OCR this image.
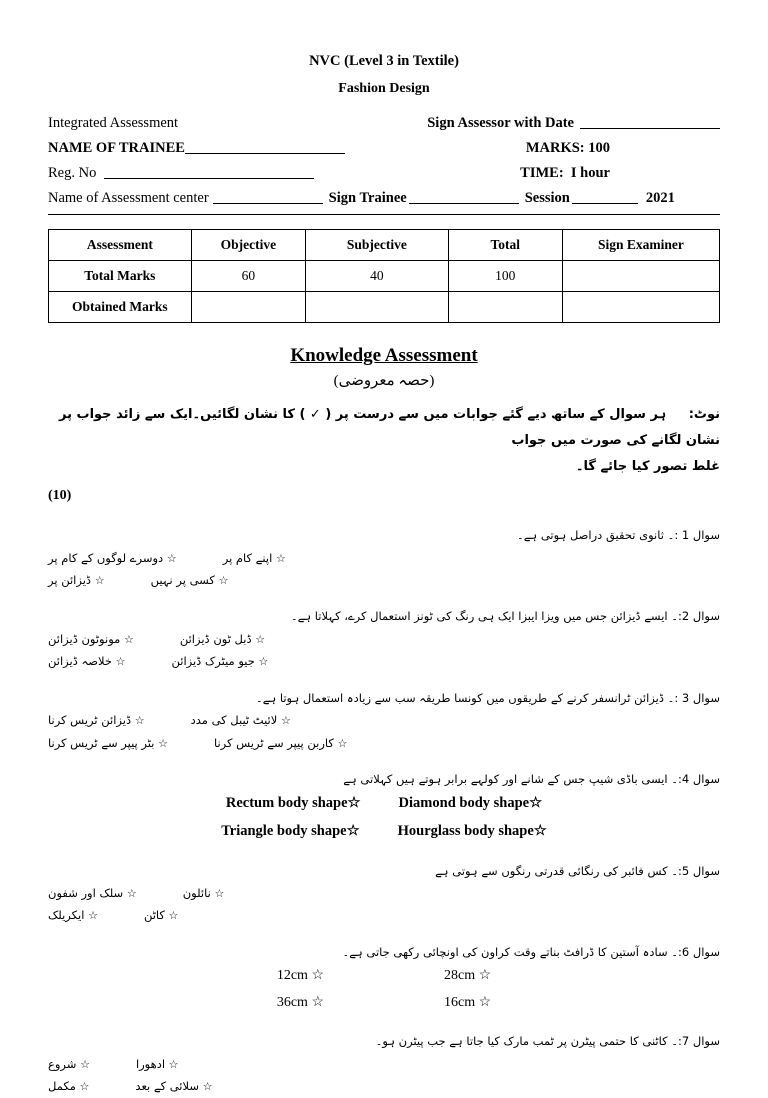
NVC (Level 3 in Textile)
Fashion Design
Integrated Assessment	Sign Assessor with Date
NAME OF TRAINEE	MARKS: 100
Reg. No	TIME:  I hour
Name of Assessment center	Sign Trainee	Session	2021
Assessment	Objective	Subjective	Total	Sign Examiner
Total Marks	60	40	100	
Obtained Marks				
Knowledge Assessment
(حصہ معروضی)
نوٹ: ہر سوال کے ساتھ دیے گئے جوابات میں سے درست پر ( ✓ ) کا نشان لگائیں۔ایک سے زائد جواب پر نشان لگانے کی صورت میں جواب
غلط تصور کیا جائے گا۔
(10)
سوال 1 :۔ ثانوی تحقیق دراصل ہوتی ہے۔
☆ اپنے کام پر
☆ دوسرے لوگوں کے کام پر
☆ کسی پر نہیں
☆ ڈیزائن پر
سوال 2:۔ ایسے ڈیزائن جس میں ویزا ایبزا ایک ہی رنگ کی ٹونز استعمال کرے، کہلاتا ہے۔
☆ ڈبل ٹون ڈیزائن
☆ مونوٹون ڈیزائن
☆ جیو میٹرک ڈیزائن
☆ خلاصہ ڈیزائن
سوال 3 :۔ ڈیزائن ٹرانسفر کرنے کے طریقوں میں کونسا طریقہ سب سے زیادہ استعمال ہوتا ہے۔
☆ لائیٹ ٹیبل کی مدد
☆ ڈیزائن ٹریس کرنا
☆ کاربن پیپر سے ٹریس کرنا
☆ بٹر پیپر سے ٹریس کرنا
سوال 4:۔ ایسی باڈی شیپ جس کے شانے اور کولہے برابر ہوتے ہیں کہلاتی ہے
Rectum body shape☆	Diamond body shape☆
Triangle body shape☆	Hourglass body shape☆
سوال 5:۔ کس فائبر کی رنگائی قدرتی رنگوں سے ہوتی ہے
☆ نائلون
☆ سلک اور شفون
☆ کاٹن
☆ ایکریلک
سوال 6:۔ سادہ آستین کا ڈرافٹ بناتے وقت کراون کی اونچائی رکھی جاتی ہے۔
12cm ☆	28cm ☆
36cm ☆	16cm ☆
سوال 7:۔ کاٹنی کا حتمی پیٹرن پر ٹمب مارک کیا جاتا ہے جب پیٹرن ہو۔
☆ ادھورا
☆ شروع
☆ سلائی کے بعد
☆ مکمل
